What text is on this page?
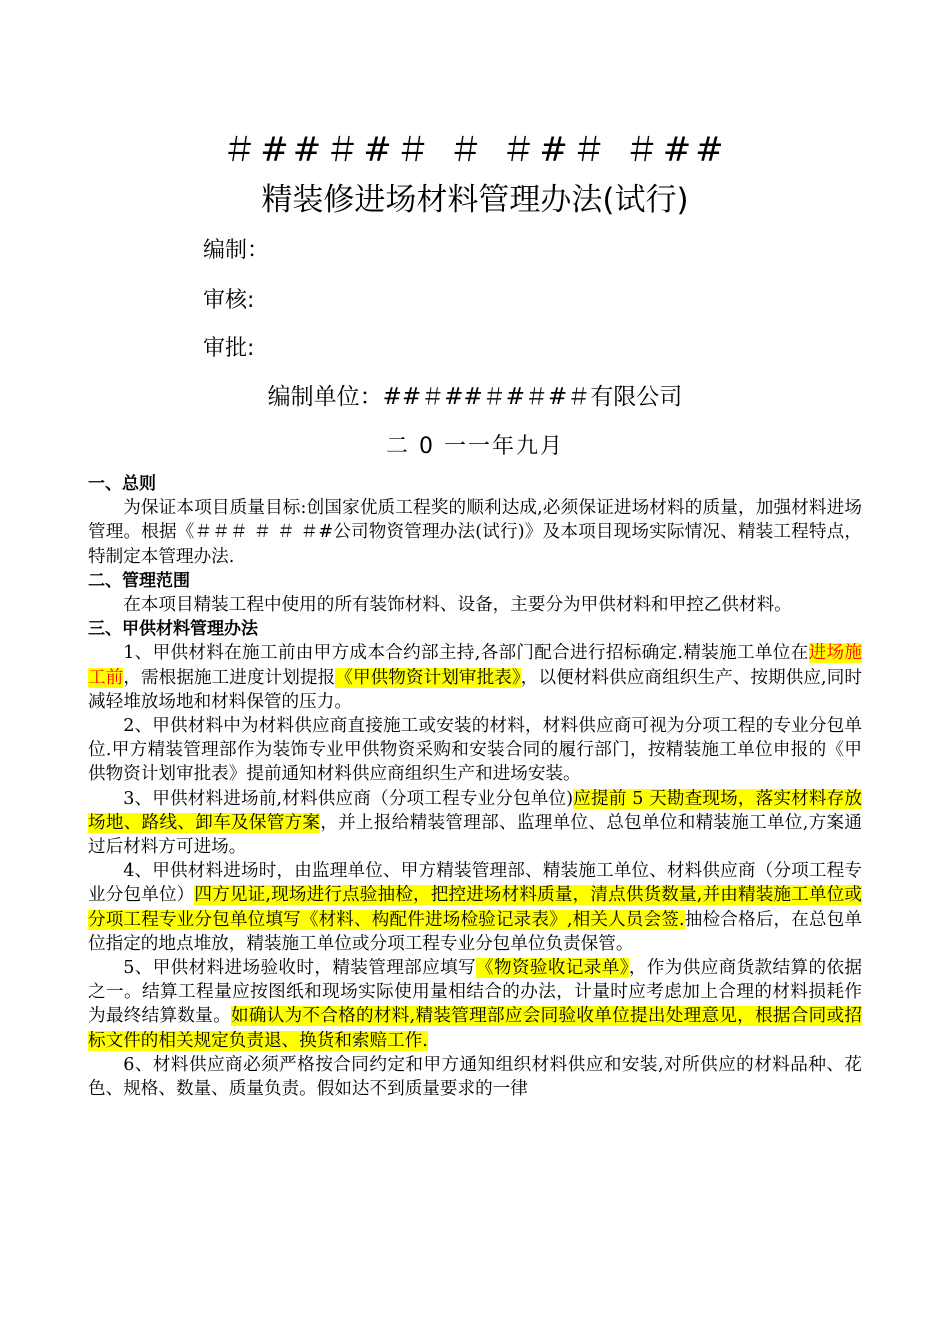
＃##＃#＃ ＃ ＃#＃ ＃##
精装修进场材料管理办法(试行)
编制：
审核:
审批:
编制单位：##＃##＃#＃#＃有限公司
二 0 一一年九月

一、总则

为保证本项目质量目标:创国家优质工程奖的顺利达成,必须保证进场材料的质量，加强材料进场管理。根据《＃＃＃ ＃ ＃ ＃#公司物资管理办法(试行)》及本项目现场实际情况、精装工程特点，特制定本管理办法.

二、管理范围

在本项目精装工程中使用的所有装饰材料、设备，主要分为甲供材料和甲控乙供材料。

三、甲供材料管理办法

1、甲供材料在施工前由甲方成本合约部主持,各部门配合进行招标确定.精装施工单位在进场施工前，需根据施工进度计划提报《甲供物资计划审批表》，以便材料供应商组织生产、按期供应,同时减轻堆放场地和材料保管的压力。

2、甲供材料中为材料供应商直接施工或安装的材料，材料供应商可视为分项工程的专业分包单位.甲方精装管理部作为装饰专业甲供物资采购和安装合同的履行部门，按精装施工单位申报的《甲供物资计划审批表》提前通知材料供应商组织生产和进场安装。

3、甲供材料进场前,材料供应商（分项工程专业分包单位)应提前 5 天勘查现场，落实材料存放场地、路线、卸车及保管方案，并上报给精装管理部、监理单位、总包单位和精装施工单位,方案通过后材料方可进场。

4、甲供材料进场时，由监理单位、甲方精装管理部、精装施工单位、材料供应商（分项工程专业分包单位）四方见证,现场进行点验抽检，把控进场材料质量，清点供货数量,并由精装施工单位或分项工程专业分包单位填写《材料、构配件进场检验记录表》,相关人员会签.抽检合格后，在总包单位指定的地点堆放，精装施工单位或分项工程专业分包单位负责保管。

5、甲供材料进场验收时，精装管理部应填写《物资验收记录单》，作为供应商货款结算的依据之一。结算工程量应按图纸和现场实际使用量相结合的办法，计量时应考虑加上合理的材料损耗作为最终结算数量。如确认为不合格的材料,精装管理部应会同验收单位提出处理意见，根据合同或招标文件的相关规定负责退、换货和索赔工作.

6、材料供应商必须严格按合同约定和甲方通知组织材料供应和安装,对所供应的材料品种、花色、规格、数量、质量负责。假如达不到质量要求的一律
